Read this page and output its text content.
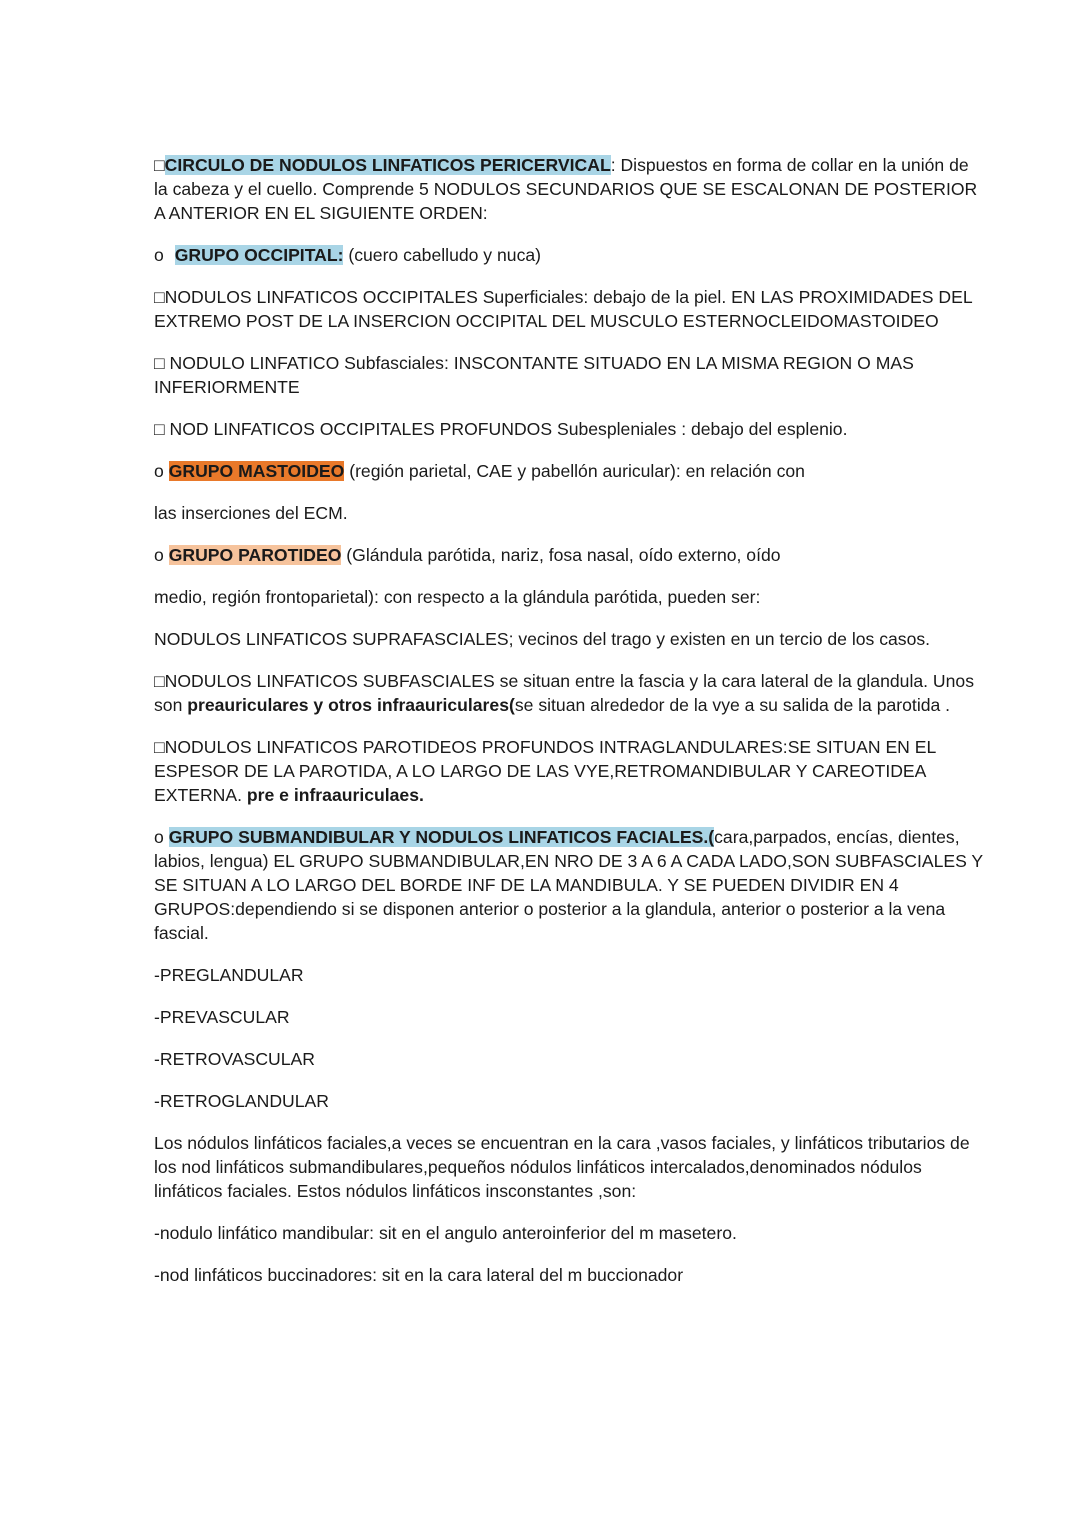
□CIRCULO DE NODULOS LINFATICOS PERICERVICAL: Dispuestos en forma de collar en la unión de la cabeza y el cuello. Comprende 5 NODULOS SECUNDARIOS QUE SE ESCALONAN DE POSTERIOR A ANTERIOR EN EL SIGUIENTE ORDEN:

o GRUPO OCCIPITAL: (cuero cabelludo y nuca)

□NODULOS LINFATICOS OCCIPITALES Superficiales: debajo de la piel. EN LAS PROXIMIDADES DEL EXTREMO POST DE LA INSERCION OCCIPITAL DEL MUSCULO ESTERNOCLEIDOMASTOIDEO

□ NODULO LINFATICO Subfasciales: INSCONTANTE SITUADO EN LA MISMA REGION O MAS INFERIORMENTE

□ NOD LINFATICOS OCCIPITALES PROFUNDOS Subespleniales : debajo del esplenio.

o GRUPO MASTOIDEO (región parietal, CAE y pabellón auricular): en relación con

las inserciones del ECM.

o GRUPO PAROTIDEO (Glándula parótida, nariz, fosa nasal, oído externo, oído

medio, región frontoparietal): con respecto a la glándula parótida, pueden ser:

NODULOS LINFATICOS SUPRAFASCIALES; vecinos del trago y existen en un tercio de los casos.

□NODULOS LINFATICOS SUBFASCIALES se situan entre la fascia y la cara lateral de la glandula. Unos son preauriculares y otros infraauriculares(se situan alrededor de la vye a su salida de la parotida .

□NODULOS LINFATICOS PAROTIDEOS PROFUNDOS INTRAGLANDULARES:SE SITUAN EN EL ESPESOR DE LA PAROTIDA, A LO LARGO DE LAS VYE,RETROMANDIBULAR Y CAREOTIDEA EXTERNA. pre e infraauriculaes.

o GRUPO SUBMANDIBULAR Y NODULOS LINFATICOS FACIALES.(cara,parpados, encías, dientes, labios, lengua) EL GRUPO SUBMANDIBULAR,EN NRO DE 3 A 6 A CADA LADO,SON SUBFASCIALES Y SE SITUAN A LO LARGO DEL BORDE INF DE LA MANDIBULA. Y SE PUEDEN DIVIDIR EN 4 GRUPOS:dependiendo si se disponen anterior o posterior a la glandula, anterior o posterior a la vena fascial.

-PREGLANDULAR

-PREVASCULAR

-RETROVASCULAR

-RETROGLANDULAR

Los nódulos linfáticos faciales,a veces se encuentran en la cara ,vasos faciales, y linfáticos tributarios de los nod linfáticos submandibulares,pequeños nódulos linfáticos intercalados,denominados nódulos linfáticos faciales. Estos nódulos linfáticos insconstantes ,son:

-nodulo linfático mandibular: sit en el angulo anteroinferior del m masetero.

-nod linfáticos buccinadores: sit en la cara lateral del m buccionador
